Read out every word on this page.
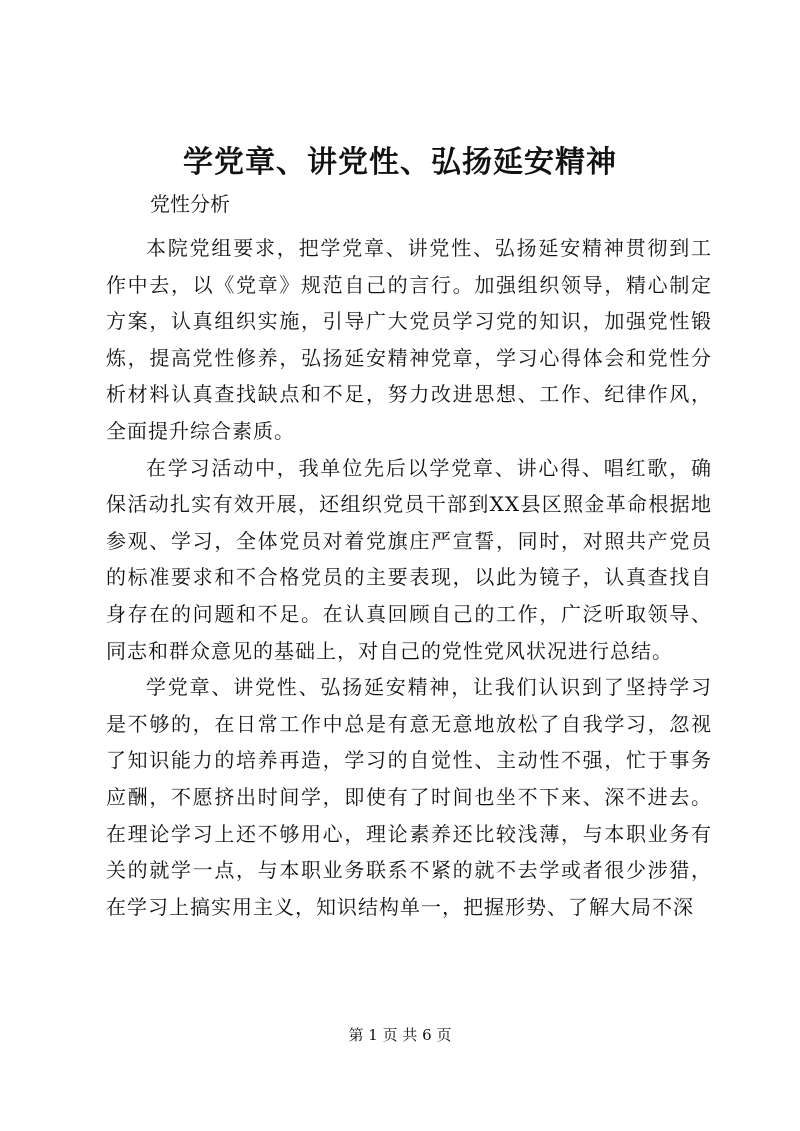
学党章、讲党性、弘扬延安精神
党性分析

本院党组要求，把学党章、讲党性、弘扬延安精神贯彻到工作中去，以《党章》规范自己的言行。加强组织领导，精心制定方案，认真组织实施，引导广大党员学习党的知识，加强党性锻炼，提高党性修养，弘扬延安精神党章，学习心得体会和党性分析材料认真查找缺点和不足，努力改进思想、工作、纪律作风，全面提升综合素质。

在学习活动中，我单位先后以学党章、讲心得、唱红歌，确保活动扎实有效开展，还组织党员干部到XX县区照金革命根据地参观、学习，全体党员对着党旗庄严宣誓，同时，对照共产党员的标准要求和不合格党员的主要表现，以此为镜子，认真查找自身存在的问题和不足。在认真回顾自己的工作，广泛听取领导、同志和群众意见的基础上，对自己的党性党风状况进行总结。

学党章、讲党性、弘扬延安精神，让我们认识到了坚持学习是不够的，在日常工作中总是有意无意地放松了自我学习，忽视了知识能力的培养再造，学习的自觉性、主动性不强，忙于事务应酬，不愿挤出时间学，即使有了时间也坐不下来、深不进去。在理论学习上还不够用心，理论素养还比较浅薄，与本职业务有关的就学一点，与本职业务联系不紧的就不去学或者很少涉猎，在学习上搞实用主义，知识结构单一，把握形势、了解大局不深

第 1 页 共 6 页
